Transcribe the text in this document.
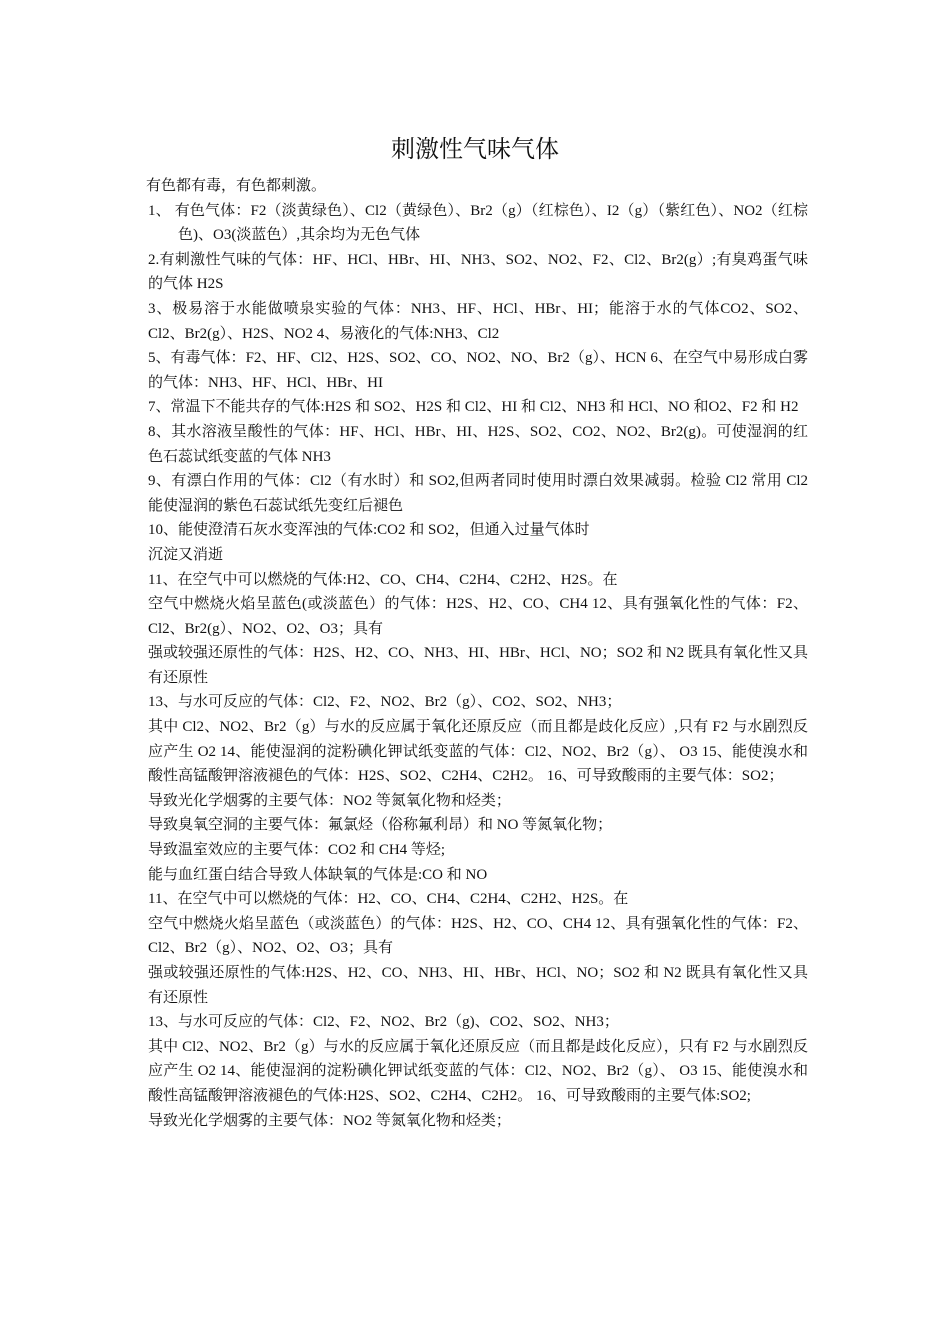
刺激性气味气体

有色都有毒，有色都刺激。

1、 有色气体：F2（淡黄绿色）、Cl2（黄绿色）、Br2（g）（红棕色）、I2（g）（紫红色）、NO2（红棕色)、O3(淡蓝色）,其余均为无色气体

2.有刺激性气味的气体：HF、HCl、HBr、HI、NH3、SO2、NO2、F2、Cl2、Br2(g）;有臭鸡蛋气味的气体 H2S

3、极易溶于水能做喷泉实验的气体：NH3、HF、HCl、HBr、HI；能溶于水的气体CO2、SO2、Cl2、Br2(g）、H2S、NO2 4、易液化的气体:NH3、Cl2

5、有毒气体：F2、HF、Cl2、H2S、SO2、CO、NO2、NO、Br2（g）、HCN 6、在空气中易形成白雾的气体：NH3、HF、HCl、HBr、HI

7、常温下不能共存的气体:H2S 和 SO2、H2S 和 Cl2、HI 和 Cl2、NH3 和 HCl、NO 和O2、F2 和 H2

8、其水溶液呈酸性的气体：HF、HCl、HBr、HI、H2S、SO2、CO2、NO2、Br2(g)。可使湿润的红色石蕊试纸变蓝的气体 NH3

9、有漂白作用的气体：Cl2（有水时）和 SO2,但两者同时使用时漂白效果减弱。检验 Cl2 常用 Cl2 能使湿润的紫色石蕊试纸先变红后褪色

10、能使澄清石灰水变浑浊的气体:CO2 和 SO2，但通入过量气体时

沉淀又消逝

11、在空气中可以燃烧的气体:H2、CO、CH4、C2H4、C2H2、H2S。在

空气中燃烧火焰呈蓝色(或淡蓝色）的气体：H2S、H2、CO、CH4 12、具有强氧化性的气体：F2、Cl2、Br2(g）、NO2、O2、O3；具有

强或较强还原性的气体：H2S、H2、CO、NH3、HI、HBr、HCl、NO；SO2 和 N2 既具有氧化性又具有还原性

13、与水可反应的气体：Cl2、F2、NO2、Br2（g）、CO2、SO2、NH3；

其中 Cl2、NO2、Br2（g）与水的反应属于氧化还原反应（而且都是歧化反应）,只有 F2 与水剧烈反应产生 O2 14、能使湿润的淀粉碘化钾试纸变蓝的气体：Cl2、NO2、Br2（g）、 O3 15、能使溴水和酸性高锰酸钾溶液褪色的气体：H2S、SO2、C2H4、C2H2。 16、可导致酸雨的主要气体：SO2；

导致光化学烟雾的主要气体：NO2 等氮氧化物和烃类；

导致臭氧空洞的主要气体：氟氯烃（俗称氟利昂）和 NO 等氮氧化物；

导致温室效应的主要气体：CO2 和 CH4 等烃;

能与血红蛋白结合导致人体缺氧的气体是:CO 和 NO

11、在空气中可以燃烧的气体：H2、CO、CH4、C2H4、C2H2、H2S。在

空气中燃烧火焰呈蓝色（或淡蓝色）的气体：H2S、H2、CO、CH4 12、具有强氧化性的气体：F2、Cl2、Br2（g）、NO2、O2、O3；具有

强或较强还原性的气体:H2S、H2、CO、NH3、HI、HBr、HCl、NO；SO2 和 N2 既具有氧化性又具有还原性

13、与水可反应的气体：Cl2、F2、NO2、Br2（g)、CO2、SO2、NH3；

其中 Cl2、NO2、Br2（g）与水的反应属于氧化还原反应（而且都是歧化反应），只有 F2 与水剧烈反应产生 O2 14、能使湿润的淀粉碘化钾试纸变蓝的气体：Cl2、NO2、Br2（g）、 O3 15、能使溴水和酸性高锰酸钾溶液褪色的气体:H2S、SO2、C2H4、C2H2。 16、可导致酸雨的主要气体:SO2;

导致光化学烟雾的主要气体：NO2 等氮氧化物和烃类；
